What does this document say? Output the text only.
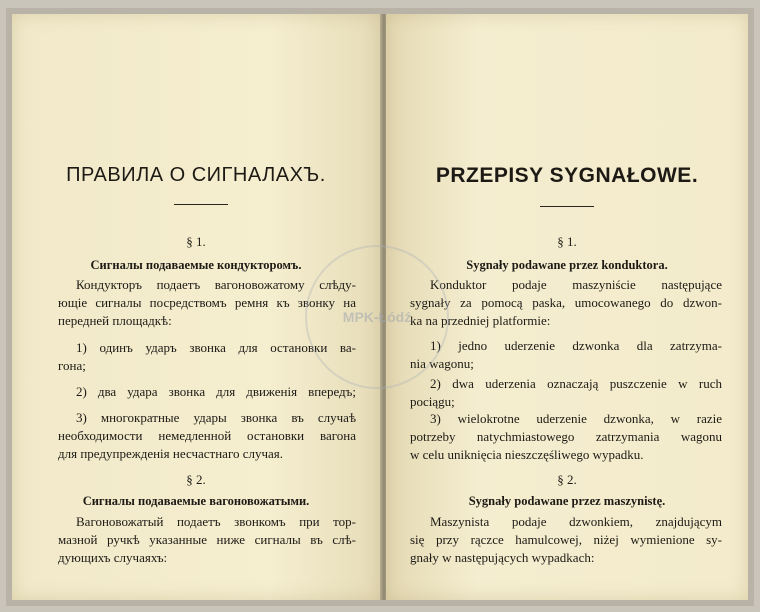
ПРАВИЛА О СИГНАЛАХЪ.
§ 1.
Сигналы подаваемые кондукторомъ.
Кондукторъ подаетъ вагоновожатому слѣду-
ющіе сигналы посредствомъ ремня къ звонку на
передней площадкѣ:
1) одинъ ударъ звонка для остановки ва-
гона;
2) два удара звонка для движенія впередъ;
3) многократные удары звонка въ случаѣ
необходимости немедленной остановки вагона
для предупрежденія несчастнаго случая.
§ 2.
Сигналы подаваемые вагоновожатыми.
Вагоновожатый подаетъ звонкомъ при тор-
мазной ручкѣ указанные ниже сигналы въ слѣ-
дующихъ случаяхъ:
PRZEPISY SYGNAŁOWE.
§ 1.
Sygnały podawane przez konduktora.
Konduktor podaje maszyniście następujące
sygnały za pomocą paska, umocowanego do dzwon-
ka na przedniej platformie:
1) jedno uderzenie dzwonka dla zatrzyma-
nia wagonu;
2) dwa uderzenia oznaczają puszczenie w ruch
pociągu;
3) wielokrotne uderzenie dzwonka, w razie
potrzeby natychmiastowego zatrzymania wagonu
w celu uniknięcia nieszczęśliwego wypadku.
§ 2.
Sygnały podawane przez maszynistę.
Maszynista podaje dzwonkiem, znajdującym
się przy rączce hamulcowej, niżej wymienione sy-
gnały w następujących wypadkach:
MPK-Łódź
